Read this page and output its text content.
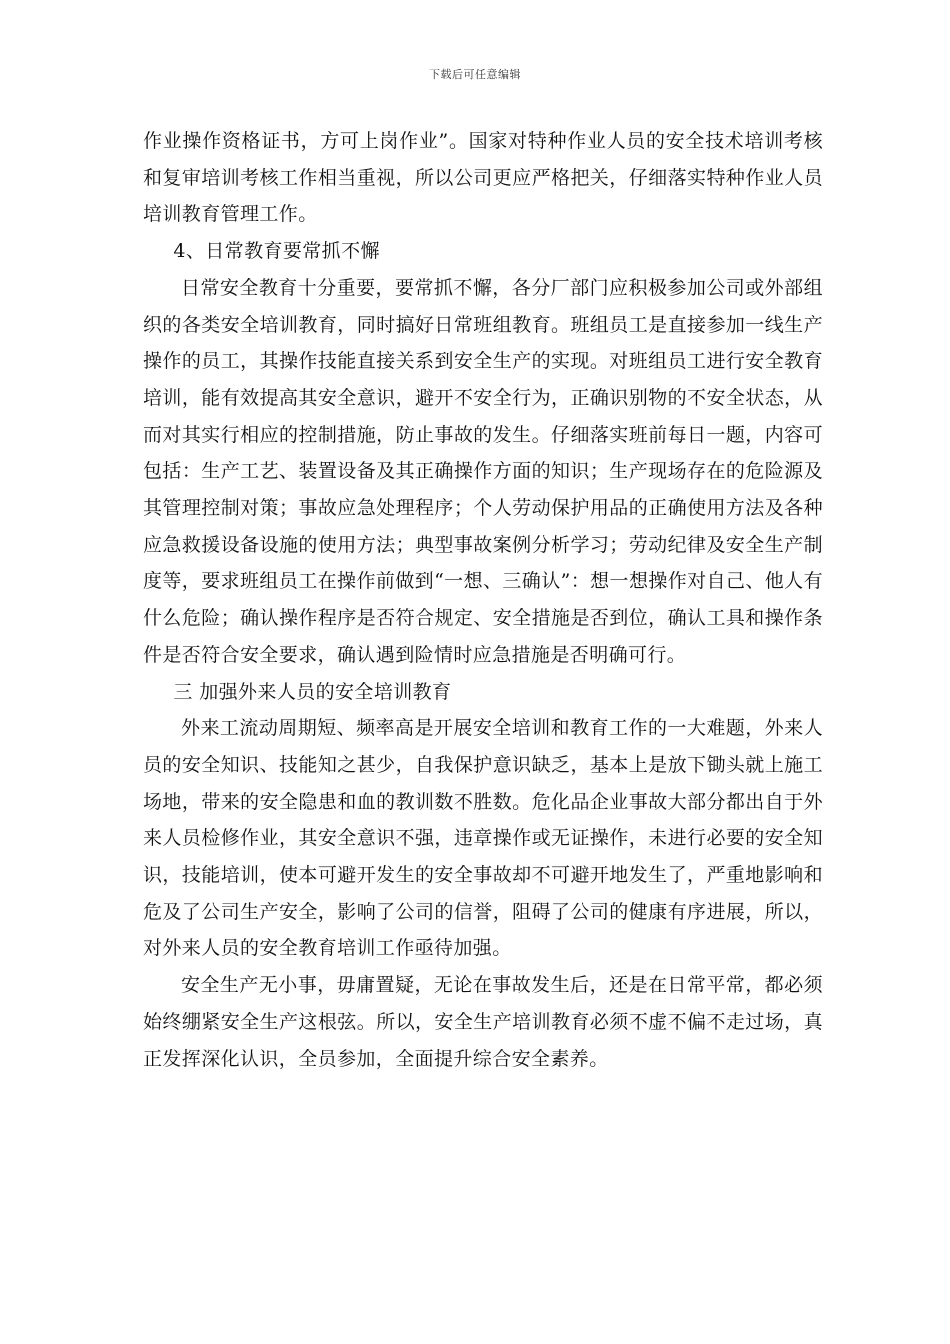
下载后可任意编辑

作业操作资格证书，方可上岗作业”。国家对特种作业人员的安全技术培训考核和复审培训考核工作相当重视，所以公司更应严格把关，仔细落实特种作业人员培训教育管理工作。

4、日常教育要常抓不懈

日常安全教育十分重要，要常抓不懈，各分厂部门应积极参加公司或外部组织的各类安全培训教育，同时搞好日常班组教育。班组员工是直接参加一线生产操作的员工，其操作技能直接关系到安全生产的实现。对班组员工进行安全教育培训，能有效提高其安全意识，避开不安全行为，正确识别物的不安全状态，从而对其实行相应的控制措施，防止事故的发生。仔细落实班前每日一题，内容可包括：生产工艺、装置设备及其正确操作方面的知识；生产现场存在的危险源及其管理控制对策；事故应急处理程序；个人劳动保护用品的正确使用方法及各种应急救援设备设施的使用方法；典型事故案例分析学习；劳动纪律及安全生产制度等，要求班组员工在操作前做到“一想、三确认”：想一想操作对自己、他人有什么危险；确认操作程序是否符合规定、安全措施是否到位，确认工具和操作条件是否符合安全要求，确认遇到险情时应急措施是否明确可行。

三 加强外来人员的安全培训教育

外来工流动周期短、频率高是开展安全培训和教育工作的一大难题，外来人员的安全知识、技能知之甚少，自我保护意识缺乏，基本上是放下锄头就上施工场地，带来的安全隐患和血的教训数不胜数。危化品企业事故大部分都出自于外来人员检修作业，其安全意识不强，违章操作或无证操作，未进行必要的安全知识，技能培训，使本可避开发生的安全事故却不可避开地发生了，严重地影响和危及了公司生产安全，影响了公司的信誉，阻碍了公司的健康有序进展，所以，对外来人员的安全教育培训工作亟待加强。

安全生产无小事，毋庸置疑，无论在事故发生后，还是在日常平常，都必须始终绷紧安全生产这根弦。所以，安全生产培训教育必须不虚不偏不走过场，真正发挥深化认识，全员参加，全面提升综合安全素养。
